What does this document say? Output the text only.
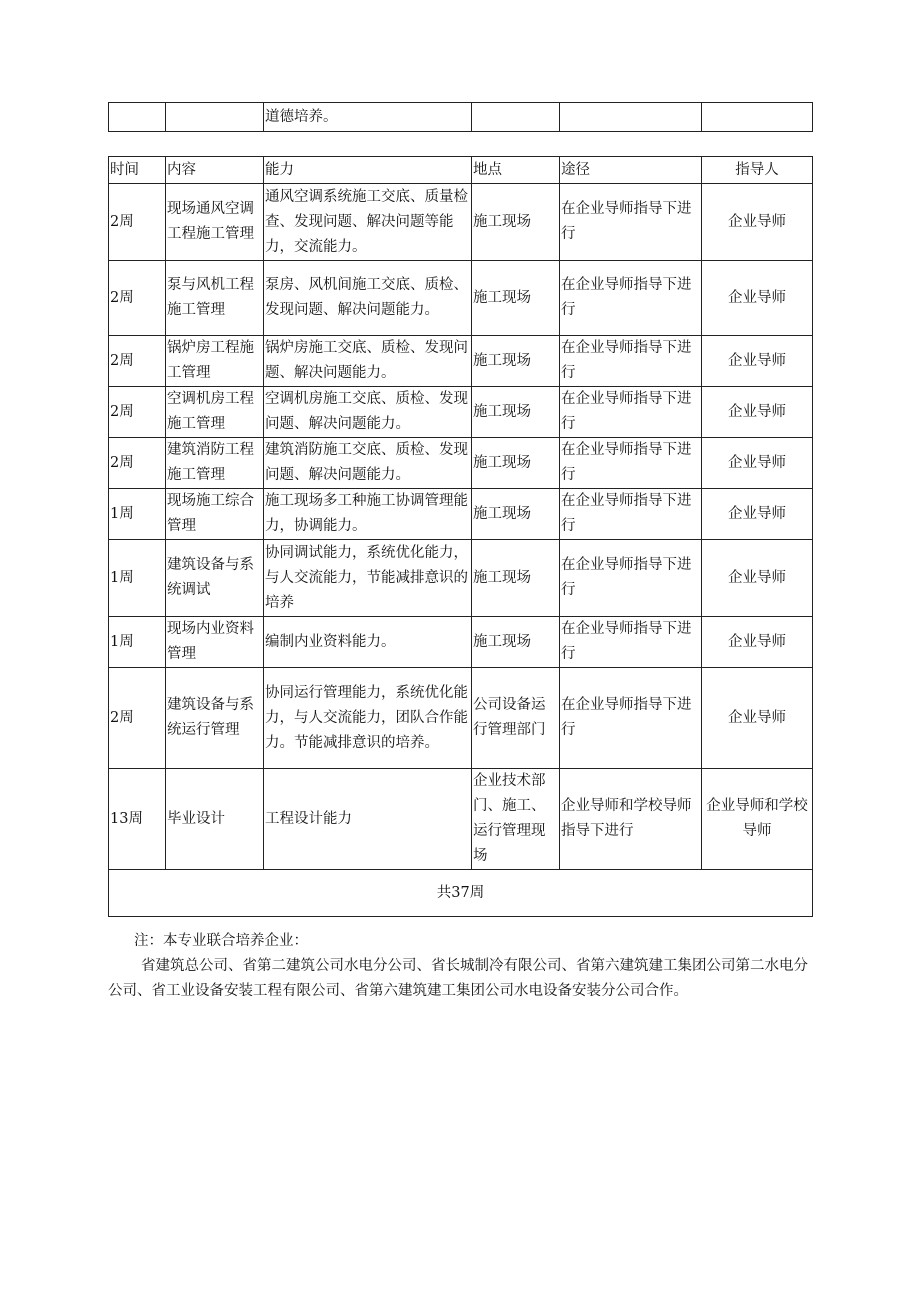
		道德培养。			
时间	内容	能力	地点	途径	指导人
2周	现场通风空调工程施工管理	通风空调系统施工交底、质量检查、发现问题、解决问题等能力，交流能力。	施工现场	在企业导师指导下进行	企业导师
2周	泵与风机工程施工管理	泵房、风机间施工交底、质检、发现问题、解决问题能力。	施工现场	在企业导师指导下进行	企业导师
2周	锅炉房工程施工管理	锅炉房施工交底、质检、发现问题、解决问题能力。	施工现场	在企业导师指导下进行	企业导师
2周	空调机房工程施工管理	空调机房施工交底、质检、发现问题、解决问题能力。	施工现场	在企业导师指导下进行	企业导师
2周	建筑消防工程施工管理	建筑消防施工交底、质检、发现问题、解决问题能力。	施工现场	在企业导师指导下进行	企业导师
1周	现场施工综合管理	施工现场多工种施工协调管理能力，协调能力。	施工现场	在企业导师指导下进行	企业导师
1周	建筑设备与系统调试	协同调试能力，系统优化能力，与人交流能力，节能减排意识的培养	施工现场	在企业导师指导下进行	企业导师
1周	现场内业资料管理	编制内业资料能力。	施工现场	在企业导师指导下进行	企业导师
2周	建筑设备与系统运行管理	协同运行管理能力，系统优化能力，与人交流能力，团队合作能力。节能减排意识的培养。	公司设备运行管理部门	在企业导师指导下进行	企业导师
13周	毕业设计	工程设计能力	企业技术部门、施工、运行管理现场	企业导师和学校导师指导下进行	企业导师和学校导师
共37周					
注：本专业联合培养企业：
省建筑总公司、省第二建筑公司水电分公司、省长城制冷有限公司、省第六建筑建工集团公司第二水电分公司、省工业设备安装工程有限公司、省第六建筑建工集团公司水电设备安装分公司合作。
